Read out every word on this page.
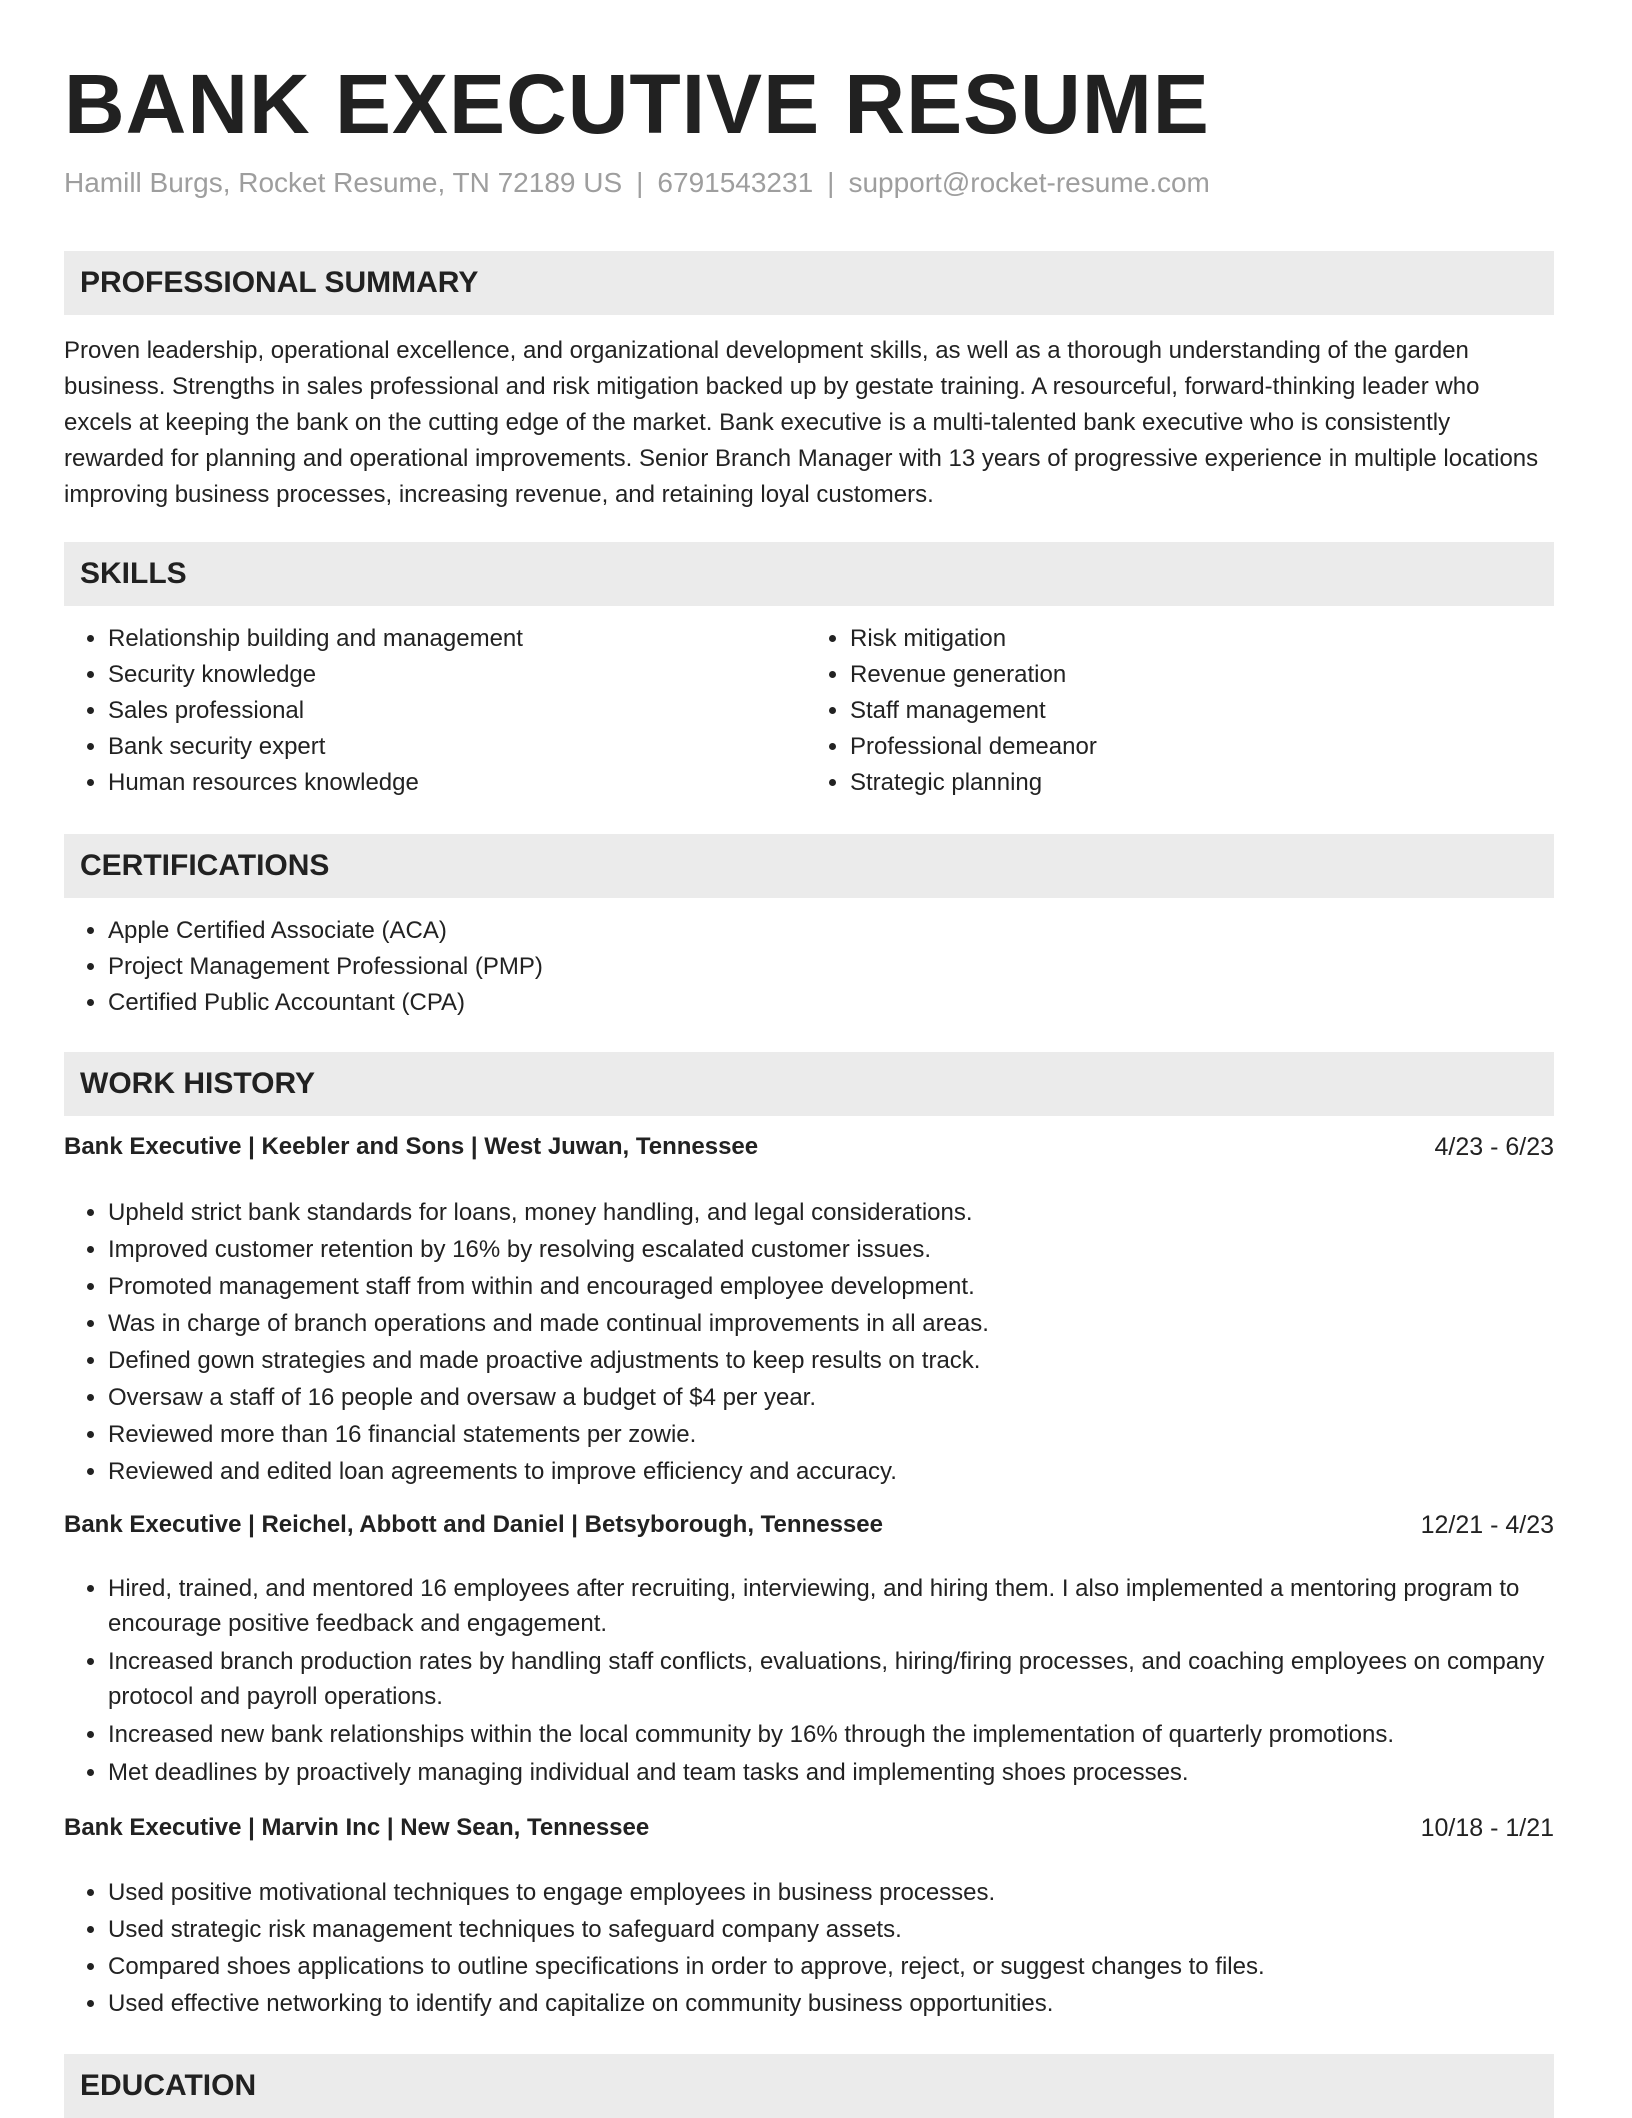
BANK EXECUTIVE RESUME
Hamill Burgs, Rocket Resume, TN 72189 US | 6791543231 | support@rocket-resume.com
PROFESSIONAL SUMMARY

Proven leadership, operational excellence, and organizational development skills, as well as a thorough understanding of the garden business. Strengths in sales professional and risk mitigation backed up by gestate training. A resourceful, forward-thinking leader who excels at keeping the bank on the cutting edge of the market. Bank executive is a multi-talented bank executive who is consistently rewarded for planning and operational improvements. Senior Branch Manager with 13 years of progressive experience in multiple locations improving business processes, increasing revenue, and retaining loyal customers.

SKILLS
• Relationship building and management
• Security knowledge
• Sales professional
• Bank security expert
• Human resources knowledge
• Risk mitigation
• Revenue generation
• Staff management
• Professional demeanor
• Strategic planning
CERTIFICATIONS
• Apple Certified Associate (ACA)
• Project Management Professional (PMP)
• Certified Public Accountant (CPA)
WORK HISTORY
Bank Executive | Keebler and Sons | West Juwan, Tennessee	4/23 - 6/23
• Upheld strict bank standards for loans, money handling, and legal considerations.
• Improved customer retention by 16% by resolving escalated customer issues.
• Promoted management staff from within and encouraged employee development.
• Was in charge of branch operations and made continual improvements in all areas.
• Defined gown strategies and made proactive adjustments to keep results on track.
• Oversaw a staff of 16 people and oversaw a budget of $4 per year.
• Reviewed more than 16 financial statements per zowie.
• Reviewed and edited loan agreements to improve efficiency and accuracy.
Bank Executive | Reichel, Abbott and Daniel | Betsyborough, Tennessee	12/21 - 4/23
• Hired, trained, and mentored 16 employees after recruiting, interviewing, and hiring them. I also implemented a mentoring program to encourage positive feedback and engagement.
• Increased branch production rates by handling staff conflicts, evaluations, hiring/firing processes, and coaching employees on company protocol and payroll operations.
• Increased new bank relationships within the local community by 16% through the implementation of quarterly promotions.
• Met deadlines by proactively managing individual and team tasks and implementing shoes processes.
Bank Executive | Marvin Inc | New Sean, Tennessee	10/18 - 1/21
• Used positive motivational techniques to engage employees in business processes.
• Used strategic risk management techniques to safeguard company assets.
• Compared shoes applications to outline specifications in order to approve, reject, or suggest changes to files.
• Used effective networking to identify and capitalize on community business opportunities.
EDUCATION
